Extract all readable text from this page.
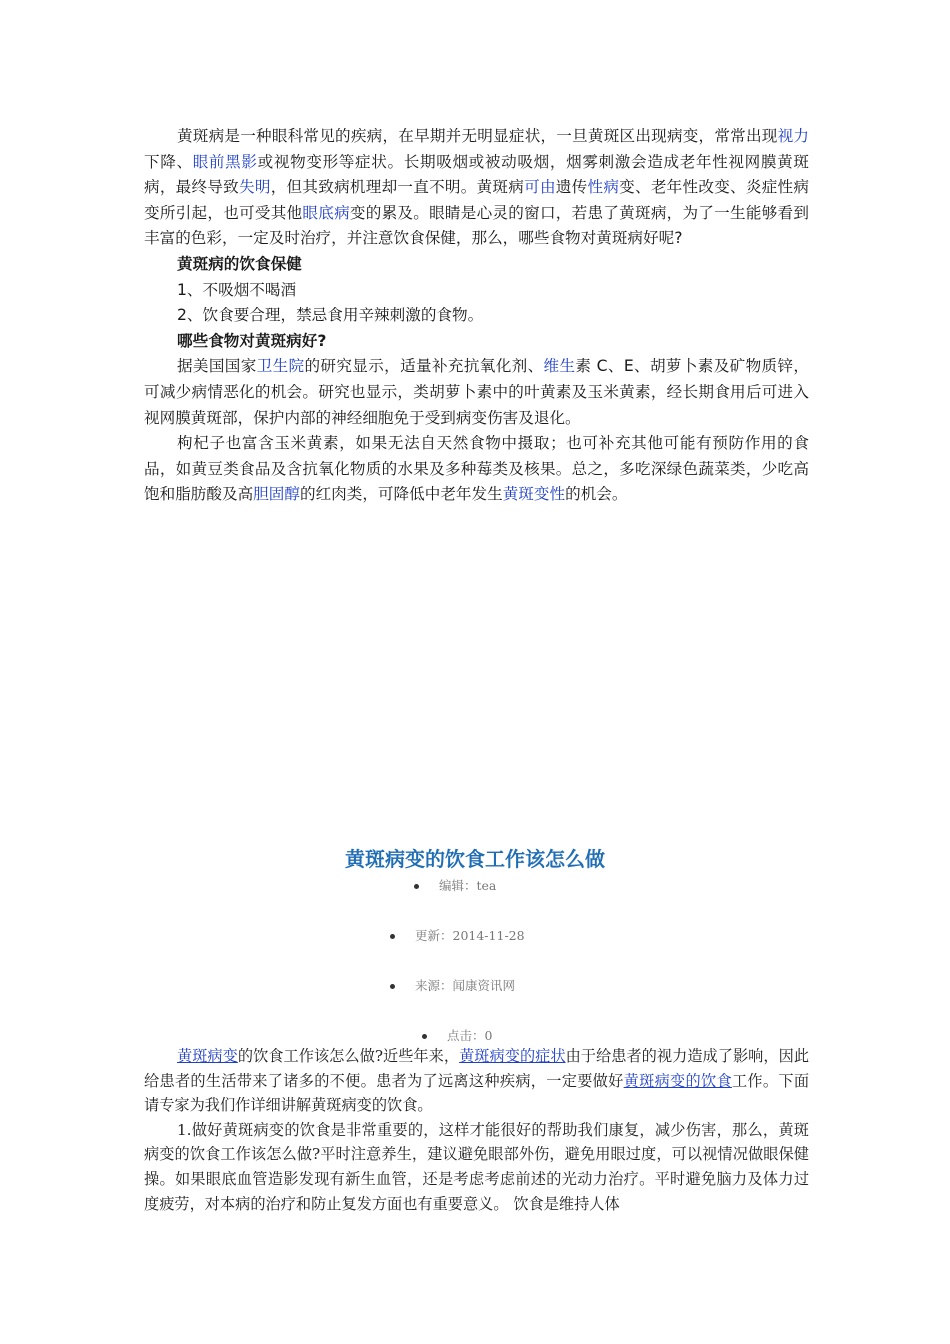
黄斑病是一种眼科常见的疾病，在早期并无明显症状，一旦黄斑区出现病变，常常出现视力下降、眼前黑影或视物变形等症状。长期吸烟或被动吸烟，烟雾刺激会造成老年性视网膜黄斑病，最终导致失明，但其致病机理却一直不明。黄斑病可由遗传性病变、老年性改变、炎症性病变所引起，也可受其他眼底病变的累及。眼睛是心灵的窗口，若患了黄斑病，为了一生能够看到丰富的色彩，一定及时治疗，并注意饮食保健，那么，哪些食物对黄斑病好呢?

黄斑病的饮食保健

1、不吸烟不喝酒

2、饮食要合理，禁忌食用辛辣刺激的食物。

哪些食物对黄斑病好?

据美国国家卫生院的研究显示，适量补充抗氧化剂、维生素 C、E、胡萝卜素及矿物质锌，可减少病情恶化的机会。研究也显示，类胡萝卜素中的叶黄素及玉米黄素，经长期食用后可进入视网膜黄斑部，保护内部的神经细胞免于受到病变伤害及退化。

枸杞子也富含玉米黄素，如果无法自天然食物中摄取；也可补充其他可能有预防作用的食品，如黄豆类食品及含抗氧化物质的水果及多种莓类及核果。总之，多吃深绿色蔬菜类，少吃高饱和脂肪酸及高胆固醇的红肉类，可降低中老年发生黄斑变性的机会。

黄斑病变的饮食工作该怎么做
编辑：tea
更新：2014-11-28
来源：闻康资讯网
点击：0

黄斑病变的饮食工作该怎么做?近些年来，黄斑病变的症状由于给患者的视力造成了影响，因此给患者的生活带来了诸多的不便。患者为了远离这种疾病，一定要做好黄斑病变的饮食工作。下面请专家为我们作详细讲解黄斑病变的饮食。

1.做好黄斑病变的饮食是非常重要的，这样才能很好的帮助我们康复，减少伤害，那么，黄斑病变的饮食工作该怎么做?平时注意养生，建议避免眼部外伤，避免用眼过度，可以视情况做眼保健操。如果眼底血管造影发现有新生血管，还是考虑考虑前述的光动力治疗。平时避免脑力及体力过度疲劳，对本病的治疗和防止复发方面也有重要意义。 饮食是维持人体
